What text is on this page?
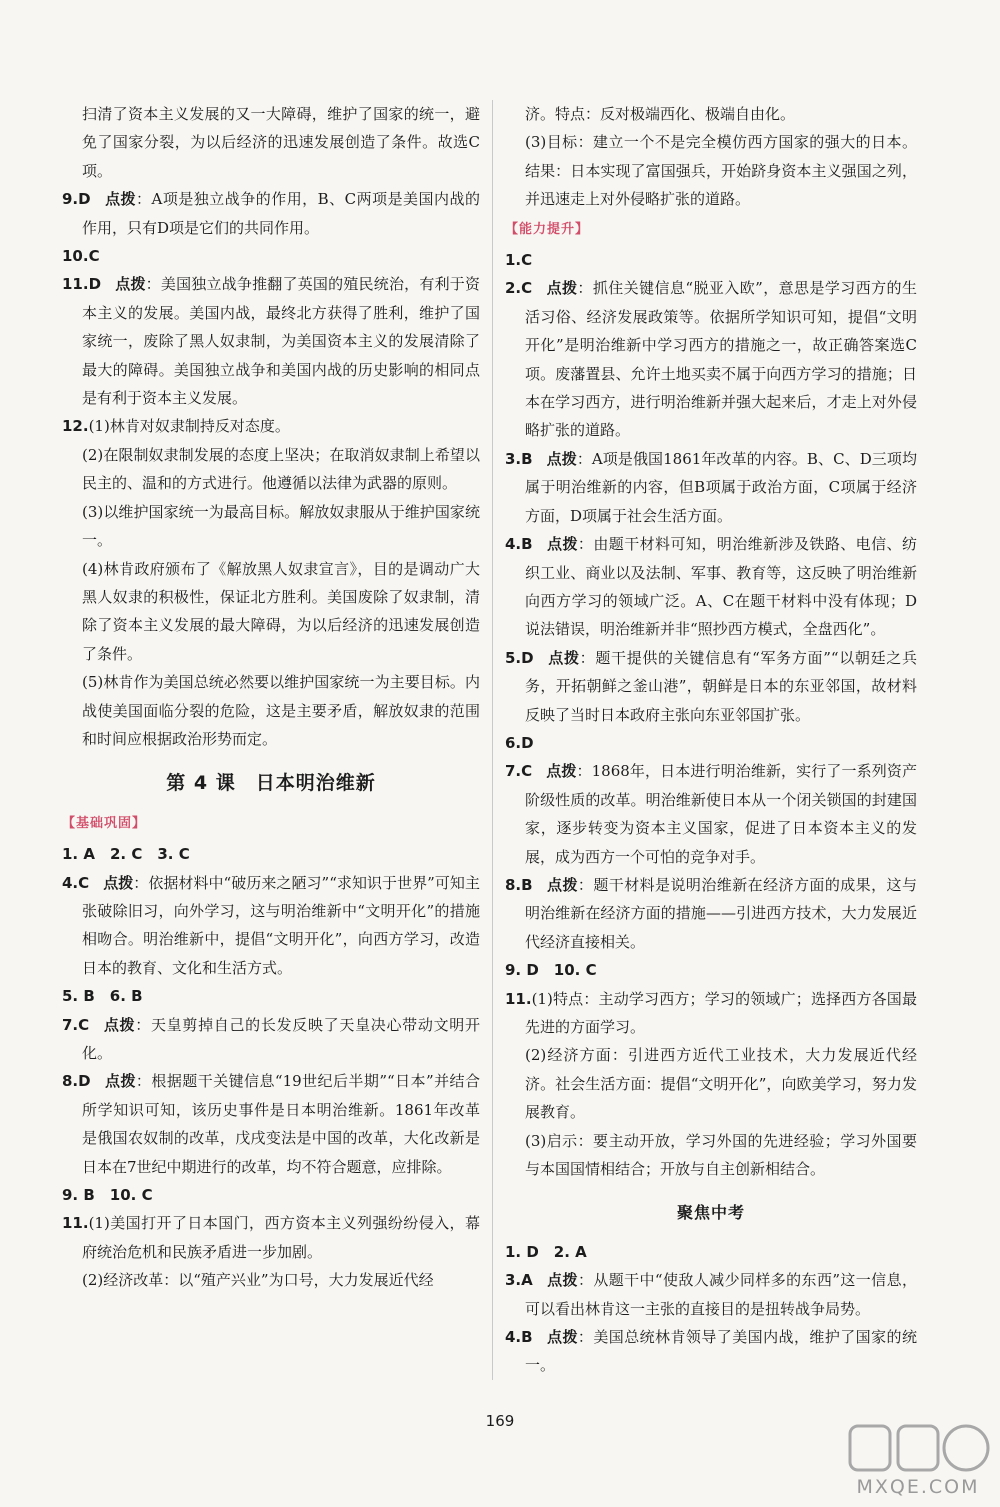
扫清了资本主义发展的又一大障碍，维护了国家的统一，避免了国家分裂，为以后经济的迅速发展创造了条件。故选C项。

9.D 点拨：A项是独立战争的作用，B、C两项是美国内战的作用，只有D项是它们的共同作用。

10.C

11.D 点拨：美国独立战争推翻了英国的殖民统治，有利于资本主义的发展。美国内战，最终北方获得了胜利，维护了国家统一，废除了黑人奴隶制，为美国资本主义的发展清除了最大的障碍。美国独立战争和美国内战的历史影响的相同点是有利于资本主义发展。

12.(1)林肯对奴隶制持反对态度。

(2)在限制奴隶制发展的态度上坚决；在取消奴隶制上希望以民主的、温和的方式进行。他遵循以法律为武器的原则。

(3)以维护国家统一为最高目标。解放奴隶服从于维护国家统一。

(4)林肯政府颁布了《解放黑人奴隶宣言》，目的是调动广大黑人奴隶的积极性，保证北方胜利。美国废除了奴隶制，清除了资本主义发展的最大障碍，为以后经济的迅速发展创造了条件。

(5)林肯作为美国总统必然要以维护国家统一为主要目标。内战使美国面临分裂的危险，这是主要矛盾，解放奴隶的范围和时间应根据政治形势而定。

第 4 课　日本明治维新
【基础巩固】

1. A　2. C　3. C

4.C 点拨：依据材料中“破历来之陋习”“求知识于世界”可知主张破除旧习，向外学习，这与明治维新中“文明开化”的措施相吻合。明治维新中，提倡“文明开化”，向西方学习，改造日本的教育、文化和生活方式。

5. B　6. B

7.C 点拨：天皇剪掉自己的长发反映了天皇决心带动文明开化。

8.D 点拨：根据题干关键信息“19世纪后半期”“日本”并结合所学知识可知，该历史事件是日本明治维新。1861年改革是俄国农奴制的改革，戊戌变法是中国的改革，大化改新是日本在7世纪中期进行的改革，均不符合题意，应排除。

9. B　10. C

11.(1)美国打开了日本国门，西方资本主义列强纷纷侵入，幕府统治危机和民族矛盾进一步加剧。

(2)经济改革：以“殖产兴业”为口号，大力发展近代经

济。特点：反对极端西化、极端自由化。

(3)目标：建立一个不是完全模仿西方国家的强大的日本。结果：日本实现了富国强兵，开始跻身资本主义强国之列，并迅速走上对外侵略扩张的道路。

【能力提升】

1.C

2.C 点拨：抓住关键信息“脱亚入欧”，意思是学习西方的生活习俗、经济发展政策等。依据所学知识可知，提倡“文明开化”是明治维新中学习西方的措施之一，故正确答案选C项。废藩置县、允许土地买卖不属于向西方学习的措施；日本在学习西方，进行明治维新并强大起来后，才走上对外侵略扩张的道路。

3.B 点拨：A项是俄国1861年改革的内容。B、C、D三项均属于明治维新的内容，但B项属于政治方面，C项属于经济方面，D项属于社会生活方面。

4.B 点拨：由题干材料可知，明治维新涉及铁路、电信、纺织工业、商业以及法制、军事、教育等，这反映了明治维新向西方学习的领域广泛。A、C在题干材料中没有体现；D说法错误，明治维新并非“照抄西方模式，全盘西化”。

5.D 点拨：题干提供的关键信息有“军务方面”“以朝廷之兵务，开拓朝鲜之釜山港”，朝鲜是日本的东亚邻国，故材料反映了当时日本政府主张向东亚邻国扩张。

6.D

7.C 点拨：1868年，日本进行明治维新，实行了一系列资产阶级性质的改革。明治维新使日本从一个闭关锁国的封建国家，逐步转变为资本主义国家，促进了日本资本主义的发展，成为西方一个可怕的竞争对手。

8.B 点拨：题干材料是说明治维新在经济方面的成果，这与明治维新在经济方面的措施——引进西方技术，大力发展近代经济直接相关。

9. D　10. C

11.(1)特点：主动学习西方；学习的领域广；选择西方各国最先进的方面学习。

(2)经济方面：引进西方近代工业技术，大力发展近代经济。社会生活方面：提倡“文明开化”，向欧美学习，努力发展教育。

(3)启示：要主动开放，学习外国的先进经验；学习外国要与本国国情相结合；开放与自主创新相结合。

聚焦中考

1. D　2. A

3.A 点拨：从题干中“使敌人减少同样多的东西”这一信息，可以看出林肯这一主张的直接目的是扭转战争局势。

4.B 点拨：美国总统林肯领导了美国内战，维护了国家的统一。

169
MXQE.COM
